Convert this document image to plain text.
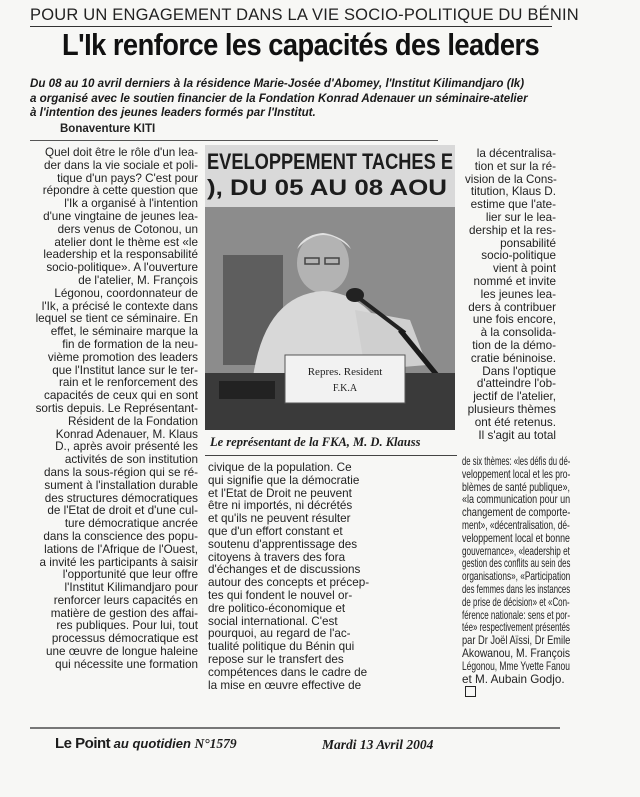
POUR UN ENGAGEMENT DANS LA VIE SOCIO-POLITIQUE DU BÉNIN
L'Ik renforce les capacités des leaders
Du 08 au 10 avril derniers à la résidence Marie-Josée d'Abomey, l'Institut Kilimandjaro (Ik)
a organisé avec le soutien financier de la Fondation Konrad Adenauer un séminaire-atelier
à l'intention des jeunes leaders formés par l'Institut.
Bonaventure KITI
Quel doit être le rôle d'un lea-
der dans la vie sociale et poli-
tique d'un pays? C'est pour
répondre à cette question que
l'Ik a organisé à l'intention
d'une vingtaine de jeunes lea-
ders venus de Cotonou, un
atelier dont le thème est «le
leadership et la responsabilité
socio-politique». A l'ouverture
de l'atelier, M. François
Légonou, coordonnateur de
l'Ik, a précisé le contexte dans
lequel se tient ce séminaire. En
effet, le séminaire marque la
fin de formation de la neu-
vième promotion des leaders
que l'Institut lance sur le ter-
rain et le renforcement des
capacités de ceux qui en sont
sortis depuis. Le Représentant-
Résident de la Fondation
Konrad Adenauer, M. Klaus
D., après avoir présenté les
activités de son institution
dans la sous-région qui se ré-
sument à l'installation durable
des structures démocratiques
de l'Etat de droit et d'une cul-
ture démocratique ancrée
dans la conscience des popu-
lations de l'Afrique de l'Ouest,
a invité les participants à saisir
l'opportunité que leur offre
l'Institut Kilimandjaro pour
renforcer leurs capacités en
matière de gestion des affai-
res publiques. Pour lui, tout
processus démocratique est
une œuvre de longue haleine
qui nécessite une formation
EVELOPPEMENT TACHES E
), DU 05 AU 08 AOU
Repres. Resident
F.K.A
Le représentant de la FKA, M. D. Klauss
civique de la population. Ce
qui signifie que la démocratie
et l'Etat de Droit ne peuvent
être ni importés, ni décrétés
et qu'ils ne peuvent résulter
que d'un effort constant et
soutenu d'apprentissage des
citoyens à travers des fora
d'échanges et de discussions
autour des concepts et précep-
tes qui fondent le nouvel or-
dre politico-économique et
social international. C'est
pourquoi, au regard de l'ac-
tualité politique du Bénin qui
repose sur le transfert des
compétences dans le cadre de
la mise en œuvre effective de
la décentralisa-
tion et sur la ré-
vision de la Cons-
titution, Klaus D.
estime que l'ate-
lier sur le lea-
dership et la res-
ponsabilité
socio-politique
vient à point
nommé et invite
les jeunes lea-
ders à contribuer
une fois encore,
à la consolida-
tion de la démo-
cratie béninoise.
Dans l'optique
d'atteindre l'ob-
jectif de l'atelier,
plusieurs thèmes
ont été retenus.
Il s'agit au total
de six thèmes: «les défis du dé-
veloppement local et les pro-
blèmes de santé publique»,
«la communication pour un
changement de comporte-
ment», «décentralisation, dé-
veloppement local et bonne
gouvernance», «leadership et
gestion des conflits au sein des
organisations», «Participation
des femmes dans les instances
de prise de décision» et «Con-
férence nationale: sens et por-
tée» respectivement présentés
par Dr Joël Aïssi, Dr Emile
Akowanou, M. François
Légonou, Mme Yvette Fanou
et M. Aubain Godjo.
Le Point au quotidien N°1579	Mardi 13 Avril 2004
